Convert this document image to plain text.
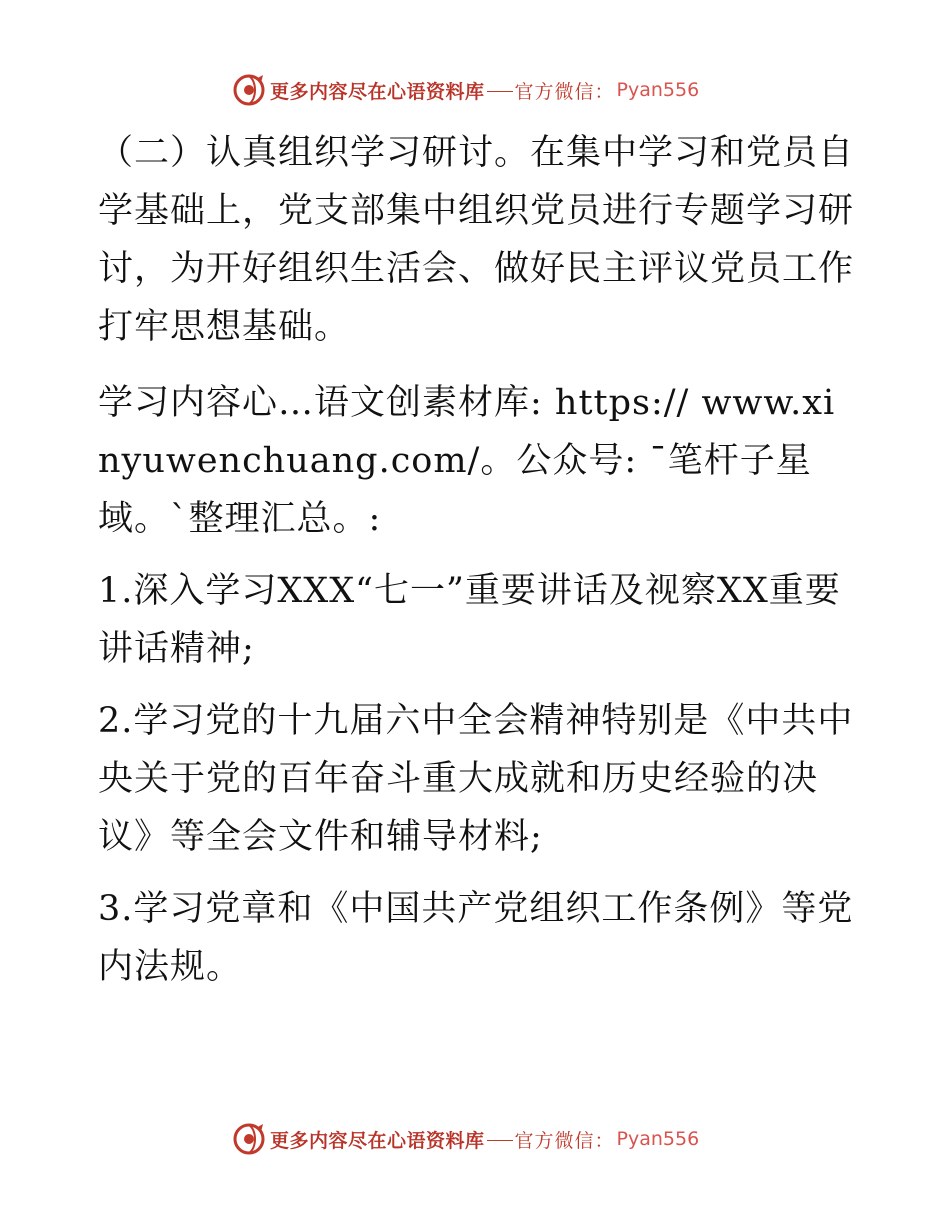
更多内容尽在心语资料库 官方微信： Pyan556

（二）认真组织学习研讨。在集中学习和党员自学基础上，党支部集中组织党员进行专题学习研讨，为开好组织生活会、做好民主评议党员工作打牢思想基础。

学习内容心…语文创素材库: https:// www.xinyuwenchuang.com/。公众号: ¯笔杆子星域。`整理汇总。:

1.深入学习XXX“七一”重要讲话及视察XX重要讲话精神;

2.学习党的十九届六中全会精神特别是《中共中央关于党的百年奋斗重大成就和历史经验的决议》等全会文件和辅导材料;

3.学习党章和《中国共产党组织工作条例》等党内法规。

更多内容尽在心语资料库 官方微信： Pyan556
